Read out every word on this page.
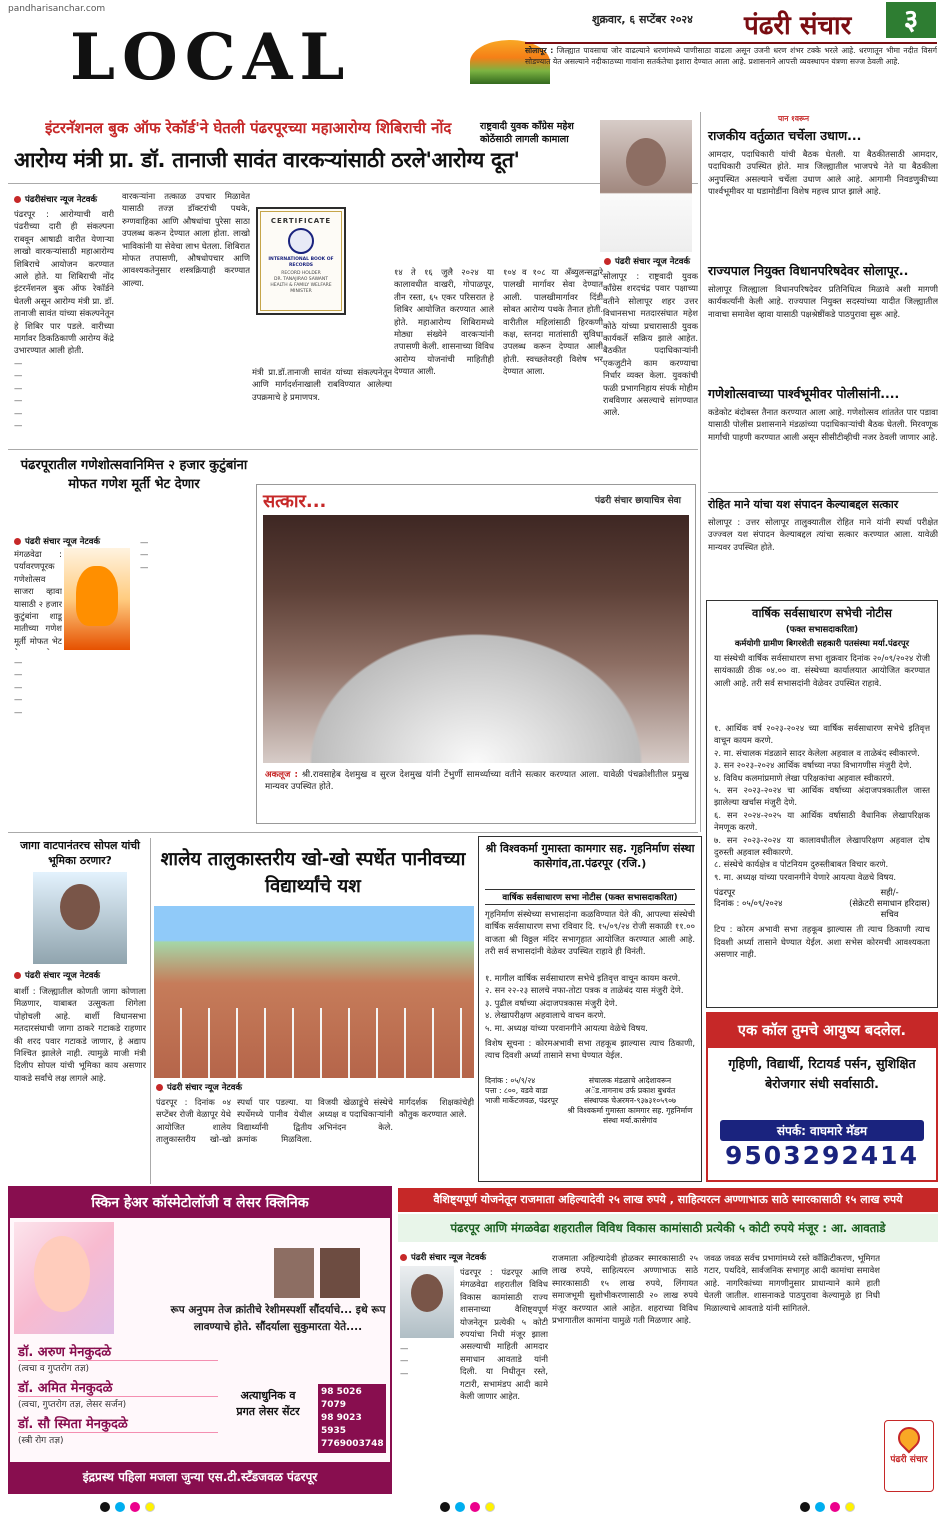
pandharisanchar.com
LOCAL
शुक्रवार, ६ सप्टेंबर २०२४ पंढरी संचार	३
सोलापूर : जिल्ह्यात पावसाचा जोर वाढल्याने धरणांमध्ये पाणीसाठा वाढला असून उजनी धरण शंभर टक्के भरले आहे. धरणातून भीमा नदीत विसर्ग सोडण्यात येत असल्याने नदीकाठच्या गावांना सतर्कतेचा इशारा देण्यात आला आहे. प्रशासनाने आपत्ती व्यवस्थापन यंत्रणा सज्ज ठेवली आहे.
इंटरनॅशनल बुक ऑफ रेकॉर्ड'ने घेतली पंढरपूरच्या महाआरोग्य शिबिराची नोंद
आरोग्य मंत्री प्रा. डॉ. तानाजी सावंत वारकऱ्यांसाठी ठरले'आरोग्य दूत'
पंढरीसंचार न्यूज नेटवर्क
पंढरपूर : आरोग्याची वारी पंढरीच्या दारी ही संकल्पना राबवून आषाढी वारीत येणाऱ्या लाखो वारकऱ्यांसाठी महाआरोग्य शिबिराचे आयोजन करण्यात आले होते. या शिबिराची नोंद इंटरनॅशनल बुक ऑफ रेकॉर्डने घेतली असून आरोग्य मंत्री प्रा. डॉ. तानाजी सावंत यांच्या संकल्पनेतून हे शिबिर पार पडले. वारीच्या मार्गावर ठिकठिकाणी आरोग्य केंद्रे उभारण्यात आली होती.
—
—
—
—
—
—
वारकऱ्यांना तत्काळ उपचार मिळावेत यासाठी तज्ज्ञ डॉक्टरांची पथके, रुग्णवाहिका आणि औषधांचा पुरेसा साठा उपलब्ध करून देण्यात आला होता. लाखो भाविकांनी या सेवेचा लाभ घेतला. शिबिरात मोफत तपासणी, औषधोपचार आणि आवश्यकतेनुसार शस्त्रक्रियाही करण्यात आल्या.
CERTIFICATE
INTERNATIONAL BOOK OF RECORDS
RECORD HOLDER
DR. TANAJIRAO SAWANT
HEALTH & FAMILY WELFARE MINISTER
मंत्री प्रा.डॉ.तानाजी सावंत यांच्या संकल्पनेतून आणि मार्गदर्शनाखाली राबविण्यात आलेल्या उपक्रमाचे हे प्रमाणपत्र.
१४ ते १६ जुलै २०२४ या कालावधीत वाखरी, गोपाळपूर, तीन रस्ता, ६५ एकर परिसरात हे शिबिर आयोजित करण्यात आले होते. महाआरोग्य शिबिरामध्ये मोठ्या संख्येने वारकऱ्यांनी तपासणी केली. शासनाच्या विविध आरोग्य योजनांची माहितीही देण्यात आली.
१०४ व १०८ या अँब्युलन्सद्वारे पालखी मार्गावर सेवा देण्यात आली. पालखीमार्गावर दिंडी सोबत आरोग्य पथके तैनात होती. वारीतील महिलांसाठी हिरकणी कक्ष, स्तनदा मातांसाठी सुविधा उपलब्ध करून देण्यात आली होती. स्वच्छतेवरही विशेष भर देण्यात आला.
राष्ट्रवादी युवक कॉंग्रेस महेश कोठेंसाठी लागली कामाला
पंढरी संचार न्यूज नेटवर्क
सोलापूर : राष्ट्रवादी युवक कॉंग्रेस शरदचंद्र पवार पक्षाच्या वतीने सोलापूर शहर उत्तर विधानसभा मतदारसंघात महेश कोठे यांच्या प्रचारासाठी युवक कार्यकर्ते सक्रिय झाले आहेत. बैठकीत पदाधिकाऱ्यांनी एकजुटीने काम करण्याचा निर्धार व्यक्त केला. युवकांची फळी प्रभागनिहाय संपर्क मोहीम राबविणार असल्याचे सांगण्यात आले.
पान १वरून
राजकीय वर्तुळात चर्चेला उधाण...
आमदार, पदाधिकारी यांची बैठक घेतली. या बैठकीतसाठी आमदार, पदाधिकारी उपस्थित होते. मात्र जिल्ह्यातील भाजपचे नेते या बैठकीला अनुपस्थित असल्याने चर्चेला उधाण आले आहे. आगामी निवडणुकीच्या पार्श्वभूमीवर या घडामोडींना विशेष महत्त्व प्राप्त झाले आहे.
राज्यपाल नियुक्त विधानपरिषदेवर सोलापूर..
सोलापूर जिल्ह्याला विधानपरिषदेवर प्रतिनिधित्व मिळावे अशी मागणी कार्यकर्त्यांनी केली आहे. राज्यपाल नियुक्त सदस्यांच्या यादीत जिल्ह्यातील नावाचा समावेश व्हावा यासाठी पक्षश्रेष्ठींकडे पाठपुरावा सुरू आहे.
गणेशोत्सवाच्या पार्श्वभूमीवर पोलीसांनी....
कडेकोट बंदोबस्त तैनात करण्यात आला आहे. गणेशोत्सव शांततेत पार पडावा यासाठी पोलीस प्रशासनाने मंडळांच्या पदाधिकाऱ्यांची बैठक घेतली. मिरवणूक मार्गांची पाहणी करण्यात आली असून सीसीटीव्हीची नजर ठेवली जाणार आहे.
रोहित माने यांचा यश संपादन केल्याबद्दल सत्कार
सोलापूर : उत्तर सोलापूर तालुक्यातील रोहित माने यांनी स्पर्धा परीक्षेत उज्ज्वल यश संपादन केल्याबद्दल त्यांचा सत्कार करण्यात आला. यावेळी मान्यवर उपस्थित होते.
पंढरपूरातील गणेशोत्सवानिमित्त २ हजार कुटुंबांना मोफत गणेश मूर्ती भेट देणार
पंढरी संचार न्यूज नेटवर्क
मंगळवेढा : पर्यावरणपूरक गणेशोत्सव साजरा व्हावा यासाठी २ हजार कुटुंबांना शाडू मातीच्या गणेश मूर्ती मोफत भेट
—
—
—
—
—
—
—
—
सत्कार...	पंढरी संचार छायाचित्र सेवा
अकलूज : श्री.रावसाहेब देशमुख व सुरज देशमुख यांनी टेंभुर्णी सामर्थ्याच्या वतीने सत्कार करण्यात आला. यावेळी पंचक्रोशीतील प्रमुख मान्यवर उपस्थित होते.
वार्षिक सर्वसाधारण सभेची नोटीस
(फक्त सभासदाकरिता)
कर्मयोगी ग्रामीण बिगरशेती सहकारी पतसंस्था मर्या.पंढरपूर
या संस्थेची वार्षिक सर्वसाधारण सभा शुक्रवार दिनांक २०/०९/२०२४ रोजी सायंकाळी ठीक ०४.०० वा. संस्थेच्या कार्यालयात आयोजित करण्यात आली आहे. तरी सर्व सभासदांनी वेळेवर उपस्थित राहावे.
१. आर्थिक वर्ष २०२३-२०२४ च्या वार्षिक सर्वसाधारण सभेचे इतिवृत्त वाचून कायम करणे.
२. मा. संचालक मंडळाने सादर केलेला अहवाल व ताळेबंद स्वीकारणे.
३. सन २०२३-२०२४ आर्थिक वर्षाच्या नफा विभागणीस मंजुरी देणे.
४. विविध कलमांप्रमाणे लेखा परिक्षकांचा अहवाल स्वीकारणे.
५. सन २०२३-२०२४ चा आर्थिक वर्षाच्या अंदाजपत्रकातील जास्त झालेल्या खर्चास मंजुरी देणे.
६. सन २०२४-२०२५ या आर्थिक वर्षासाठी वैधानिक लेखापरिक्षक नेमणूक करणे.
७. सन २०२३-२०२४ या कालावधीतील लेखापरिक्षण अहवाल दोष दुरुस्ती अहवाल स्वीकारणे.
८. संस्थेचे कार्यक्षेत्र व पोटनियम दुरुस्तीबाबत विचार करणे.
९. मा. अध्यक्ष यांच्या परवानगीने येणारे आयत्या वेळचे विषय.
पंढरपूर
दिनांक : ०५/०९/२०२४
सही/-
(सेक्रेटरी समाधान हरिदास)
सचिव
टिप : कोरम अभावी सभा तहकूब झाल्यास ती त्याच ठिकाणी त्याच दिवशी अर्ध्या तासाने घेण्यात येईल. अशा सभेस कोरमची आवश्यकता असणार नाही.
एक कॉल तुमचे आयुष्य बदलेल.
गृहिणी, विद्यार्थी, रिटायर्ड पर्सन, सुशिक्षित बेरोजगार संधी सर्वासाठी.
संपर्क: वाघमारे मॅडम
9503292414
जागा वाटपानंतरच सोपल यांची भूमिका ठरणार?
पंढरी संचार न्यूज नेटवर्क
बार्शी : जिल्ह्यातील कोणती जागा कोणाला मिळणार, याबाबत उत्सुकता शिगेला पोहोचली आहे. बार्शी विधानसभा मतदारसंघाची जागा ठाकरे गटाकडे राहणार की शरद पवार गटाकडे जाणार, हे अद्याप निश्चित झालेले नाही. त्यामुळे माजी मंत्री दिलीप सोपल यांची भूमिका काय असणार याकडे सर्वांचे लक्ष लागले आहे.
शालेय तालुकास्तरीय खो-खो स्पर्धेत पानीवच्या विद्यार्थ्यांचे यश
पंढरी संचार न्यूज नेटवर्क
पंढरपूर : दिनांक ०४ सप्टेंबर रोजी वेळापूर येथे आयोजित शालेय तालुकास्तरीय खो-खो स्पर्धा पार पडल्या. या स्पर्धेमध्ये पानीव येथील विद्यार्थ्यांनी द्वितीय क्रमांक मिळविला. विजयी खेळाडूंचे संस्थेचे अध्यक्ष व पदाधिकाऱ्यांनी अभिनंदन केले. मार्गदर्शक शिक्षकांचेही कौतुक करण्यात आले.
श्री विश्वकर्मा गुमास्ता कामगार सह. गृहनिर्माण संस्था कासेगांव,ता.पंढरपूर (रजि.)
वार्षिक सर्वसाधारण सभा नोटीस (फक्त सभासदाकरिता)
गृहनिर्माण संस्थेच्या सभासदांना कळविण्यात येते की, आपल्या संस्थेची वार्षिक सर्वसाधारण सभा रविवार दि. १५/०९/२४ रोजी सकाळी ११.०० वाजता श्री विठ्ठल मंदिर सभागृहात आयोजित करण्यात आली आहे. तरी सर्व सभासदांनी वेळेवर उपस्थित राहावे ही विनंती.
१. मागील वार्षिक सर्वसाधारण सभेचे इतिवृत्त वाचून कायम करणे.
२. सन २२-२३ सालचे नफा-तोटा पत्रक व ताळेबंद यास मंजुरी देणे.
३. पुढील वर्षाच्या अंदाजपत्रकास मंजुरी देणे.
४. लेखापरीक्षण अहवालाचे वाचन करणे.
५. मा. अध्यक्ष यांच्या परवानगीने आयत्या वेळेचे विषय.
विशेष सूचना : कोरमअभावी सभा तहकूब झाल्यास त्याच ठिकाणी, त्याच दिवशी अर्ध्या तासाने सभा घेण्यात येईल.
दिनांक : ०५/९/२४
पत्ता : ८००, वडवे वाडा भाजी मार्केटजवळ, पंढरपूर
संचालक मंडळाचे आदेशावरून
अॅड.नागनाथ उर्फ प्रकाश बुधवंत
संस्थापक चेअरमन-९३७३१०५९०७
श्री विश्वकर्मा गुमास्ता कामगार सह. गृहनिर्माण संस्था मर्या.कासेगांव
स्किन हेअर कॉस्मेटोलॉजी व लेसर क्लिनिक
रूप अनुपम तेज क्रांतीचे रेशीमस्पर्शी सौंदर्याचे... इथे रूप लावण्याचे होते. सौंदर्याला सुकुमारता येते....
डॉ. अरुण मेनकुदळे
(त्वचा व गुप्तरोग तज्ञ)
डॉ. अमित मेनकुदळे
(त्वचा, गुप्तरोग तज्ञ, लेसर सर्जन)
डॉ. सौ स्मिता मेनकुदळे
(स्त्री रोग तज्ञ)
अत्याधुनिक व
प्रगत लेसर सेंटर
98 5026 7079
98 9023 5935
7769003748
इंद्रप्रस्थ पहिला मजला जुन्या एस.टी.स्टँडजवळ पंढरपूर
वैशिष्ट्यपूर्ण योजनेतून राजमाता अहिल्यादेवी २५ लाख रुपये , साहित्यरत्न अण्णाभाऊ साठे स्मारकासाठी १५ लाख रुपये
पंढरपूर आणि मंगळवेढा शहरातील विविध विकास कामांसाठी प्रत्येकी ५ कोटी रुपये मंजूर : आ. आवताडे
पंढरी संचार न्यूज नेटवर्क
पंढरपूर : पंढरपूर आणि मंगळवेढा शहरातील विविध विकास कामांसाठी राज्य शासनाच्या वैशिष्ट्यपूर्ण योजनेतून प्रत्येकी ५ कोटी रुपयांचा निधी मंजूर झाला असल्याची माहिती आमदार समाधान आवताडे यांनी दिली. या निधीतून रस्ते, गटारी, सभामंडप आदी कामे केली जाणार आहेत.
—
—
—
राजमाता अहिल्यादेवी होळकर स्मारकासाठी २५ लाख रुपये, साहित्यरत्न अण्णाभाऊ साठे स्मारकासाठी १५ लाख रुपये, लिंगायत समाजभूमी सुशोभीकरणासाठी २० लाख रुपये मंजूर करण्यात आले आहेत. शहराच्या विविध प्रभागातील कामांना यामुळे गती मिळणार आहे.
जवळ जवळ सर्वच प्रभागांमध्ये रस्ते काँक्रिटीकरण, भूमिगत गटार, पथदिवे, सार्वजनिक सभागृह आदी कामांचा समावेश आहे. नागरिकांच्या मागणीनुसार प्राधान्याने कामे हाती घेतली जातील. शासनाकडे पाठपुरावा केल्यामुळे हा निधी मिळाल्याचे आवताडे यांनी सांगितले.
पंढरी संचार
